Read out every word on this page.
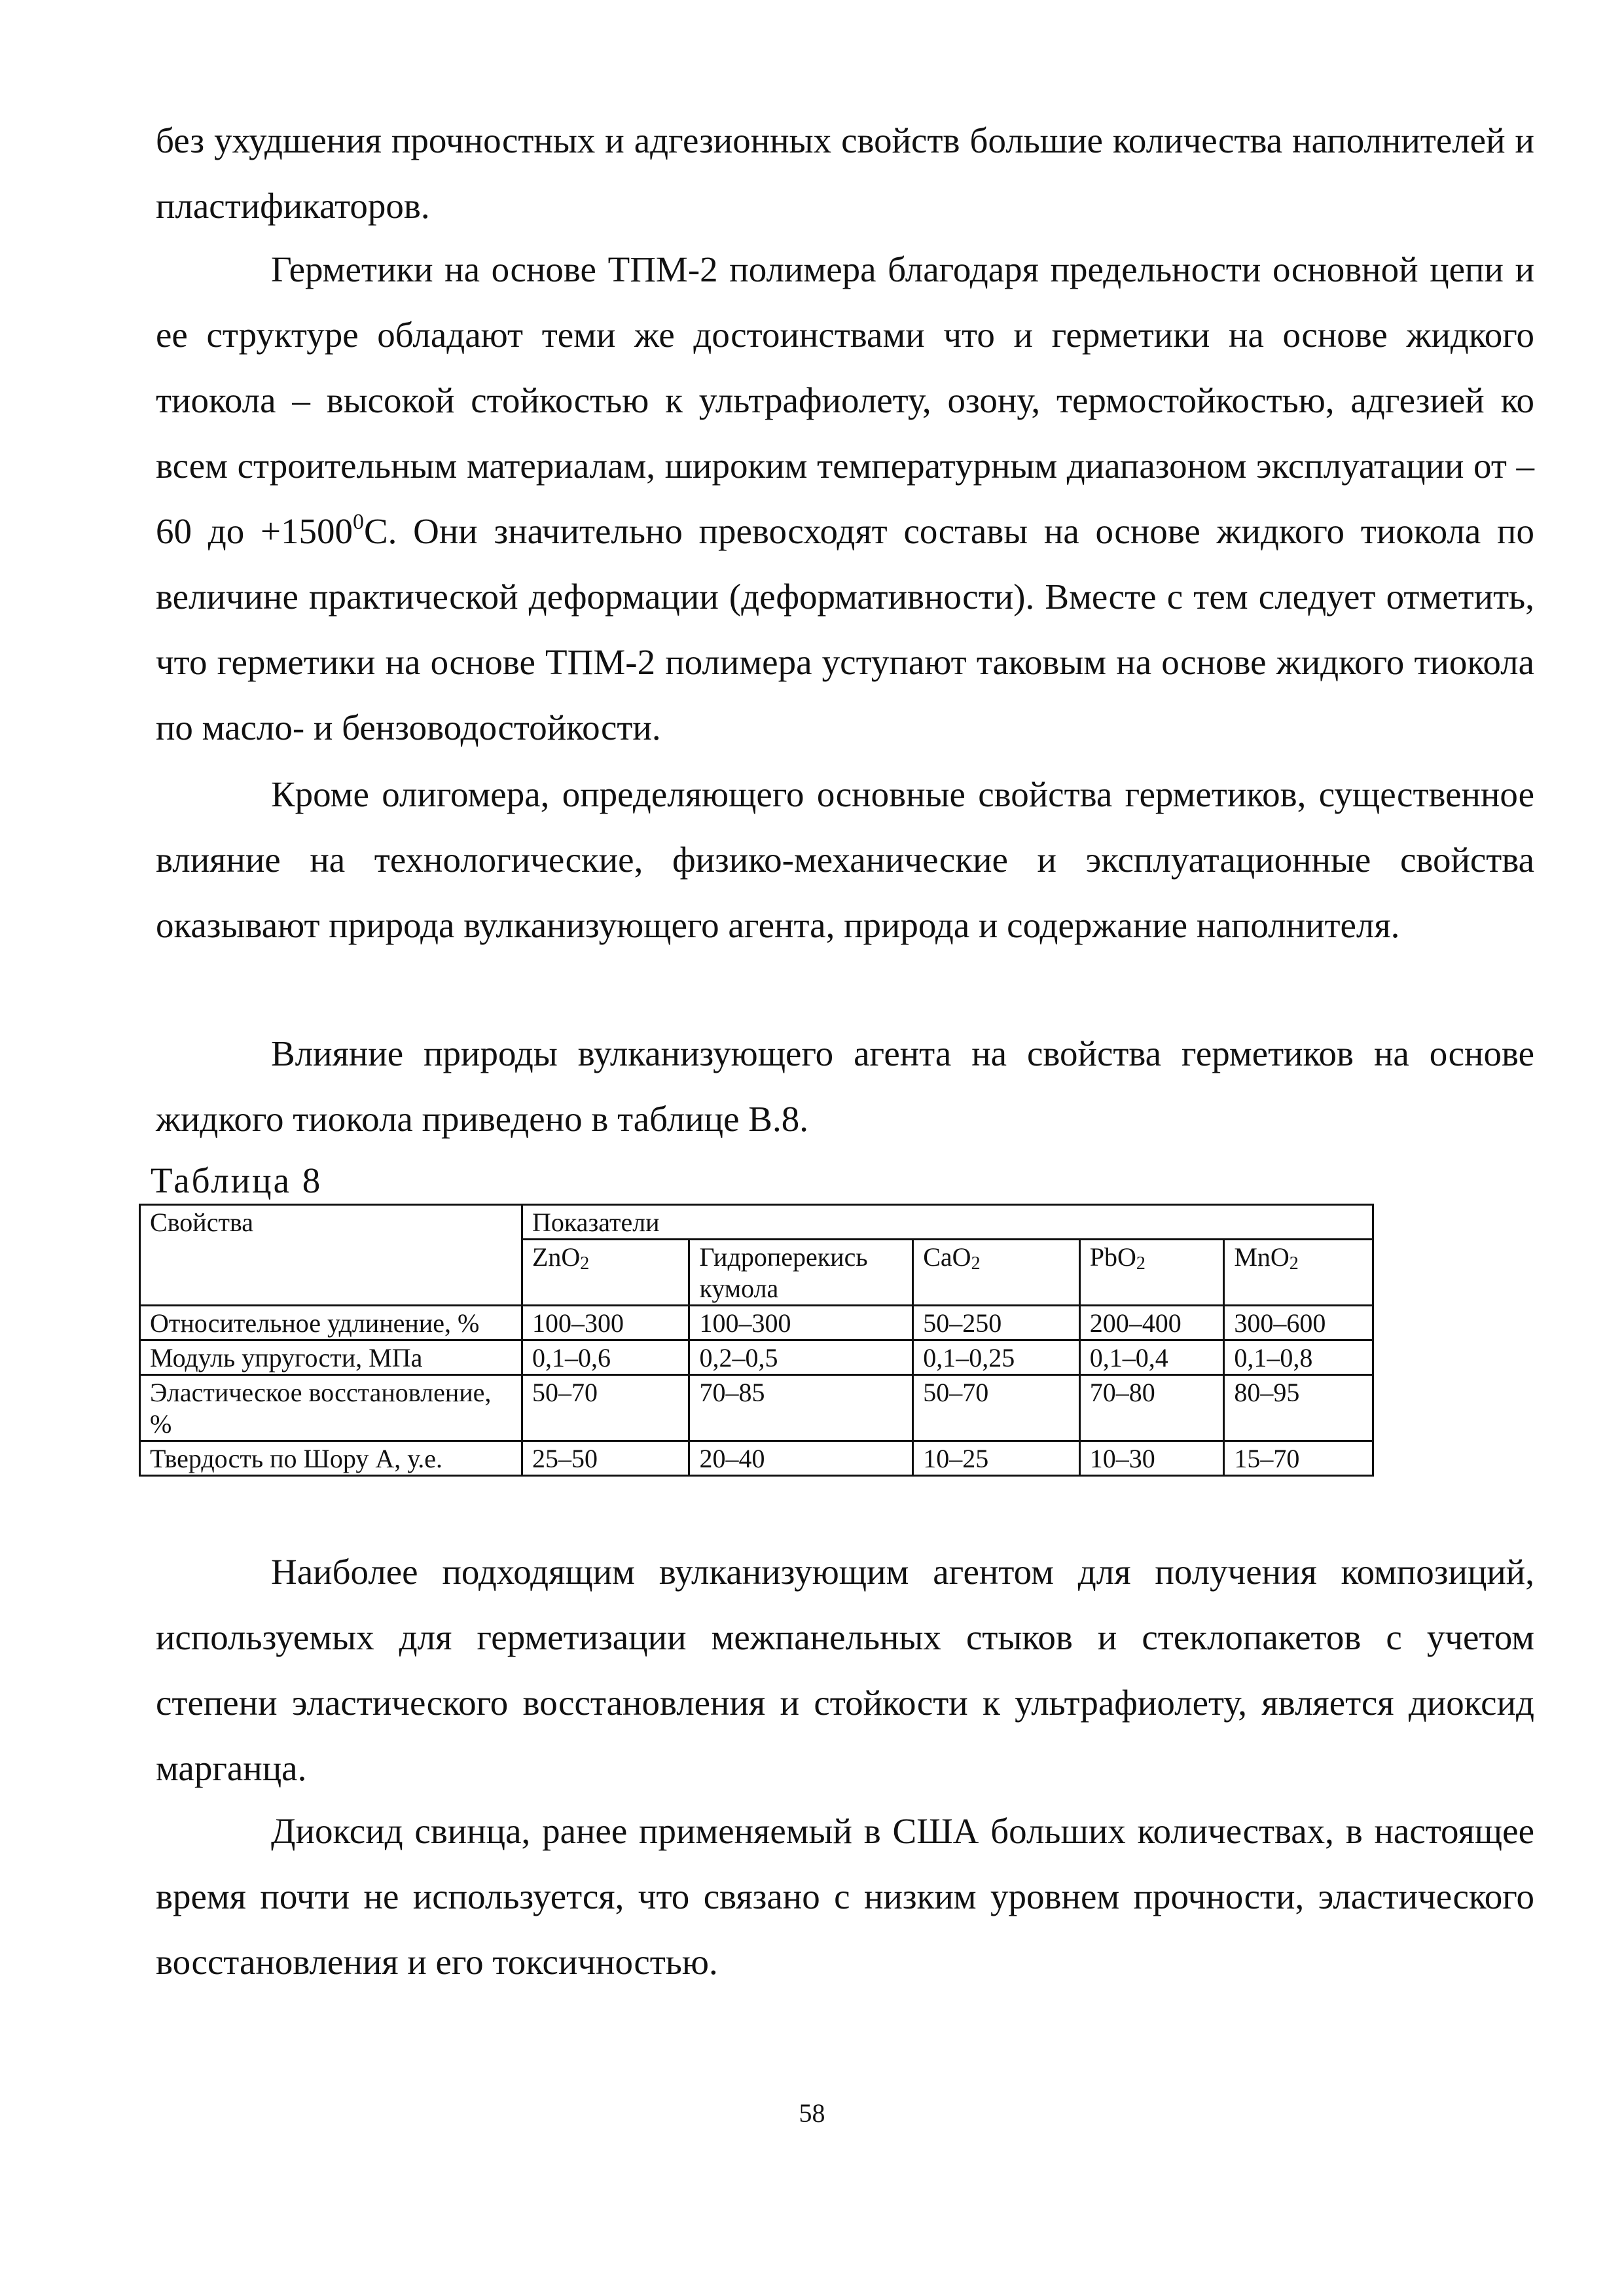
без ухудшения прочностных и адгезионных свойств большие количества наполнителей и пластификаторов.

Герметики на основе ТПМ-2 полимера благодаря предельности основной цепи и ее структуре обладают теми же достоинствами что и герметики на основе жидкого тиокола – высокой стойкостью к ультрафиолету, озону, термостойкостью, адгезией ко всем строительным материалам, широким температурным диапазоном эксплуатации от –60 до $+1500^0С$. Они значительно превосходят составы на основе жидкого тиокола по величине практической деформации (деформативности). Вместе с тем следует отметить, что герметики на основе ТПМ-2 полимера уступают таковым на основе жидкого тиокола по масло- и бензоводостойкости.

Кроме олигомера, определяющего основные свойства герметиков, существенное влияние на технологические, физико-механические и эксплуатационные свойства оказывают природа вулканизующего агента, природа и содержание наполнителя.

Влияние природы вулканизующего агента на свойства герметиков на основе жидкого тиокола приведено в таблице В.8.

Таблица 8
Свойства	Показатели				
	ZnO$_2$	Гидроперекись кумола	CaO$_2$	PbO$_2$	MnO$_2$
Относительное удлинение, %	100–300	100–300	50–250	200–400	300–600
Модуль упругости, МПа	0,1–0,6	0,2–0,5	0,1–0,25	0,1–0,4	0,1–0,8
Эластическое восстановление, %	50–70	70–85	50–70	70–80	80–95
Твердость по Шору А, у.е.	25–50	20–40	10–25	10–30	15–70

Наиболее подходящим вулканизующим агентом для получения композиций, используемых для герметизации межпанельных стыков и стеклопакетов с учетом степени эластического восстановления и стойкости к ультрафиолету, является диоксид марганца.

Диоксид свинца, ранее применяемый в США больших количествах, в настоящее время почти не используется, что связано с низким уровнем прочности, эластического восстановления и его токсичностью.

58
